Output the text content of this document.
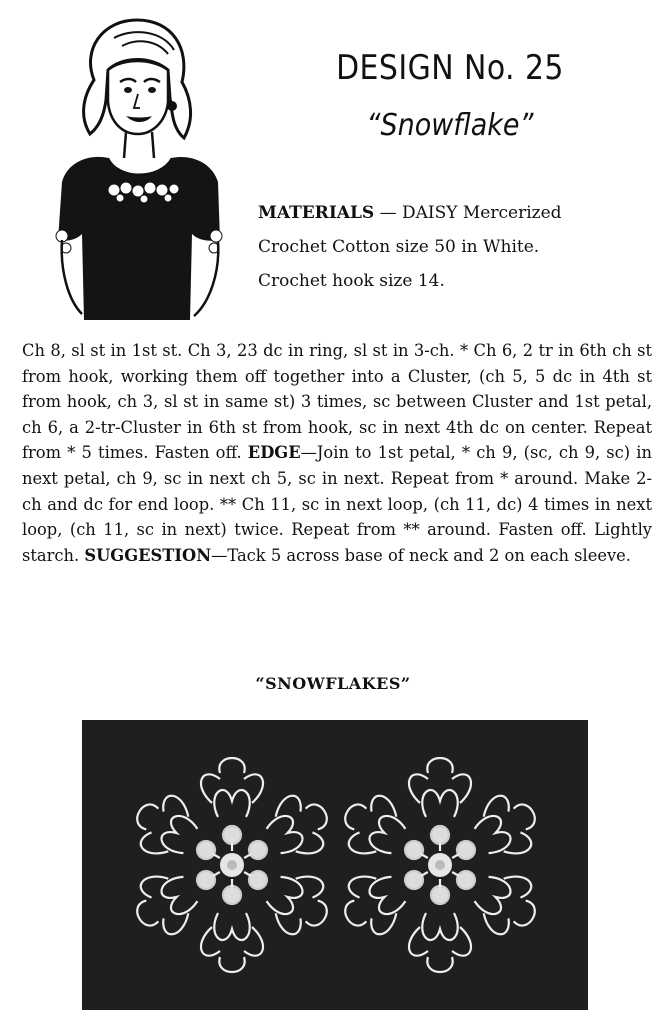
DESIGN No. 25
“Snowflake”
MATERIALS — DAISY Mercerized
Crochet Cotton size 50 in White.
Crochet hook size 14.
Ch 8, sl st in 1st st. Ch 3, 23 dc in ring, sl st in 3-ch. * Ch 6, 2 tr in 6th ch st from hook, working them off together into a Cluster, (ch 5, 5 dc in 4th st from hook, ch 3, sl st in same st) 3 times, sc between Cluster and 1st petal, ch 6, a 2-tr-Cluster in 6th st from hook, sc in next 4th dc on center. Repeat from * 5 times. Fasten off. EDGE—Join to 1st petal, * ch 9, (sc, ch 9, sc) in next petal, ch 9, sc in next ch 5, sc in next. Repeat from * around. Make 2-ch and dc for end loop. ** Ch 11, sc in next loop, (ch 11, dc) 4 times in next loop, (ch 11, sc in next) twice. Repeat from ** around. Fasten off. Lightly starch. SUGGESTION—Tack 5 across base of neck and 2 on each sleeve.
“SNOWFLAKES”
